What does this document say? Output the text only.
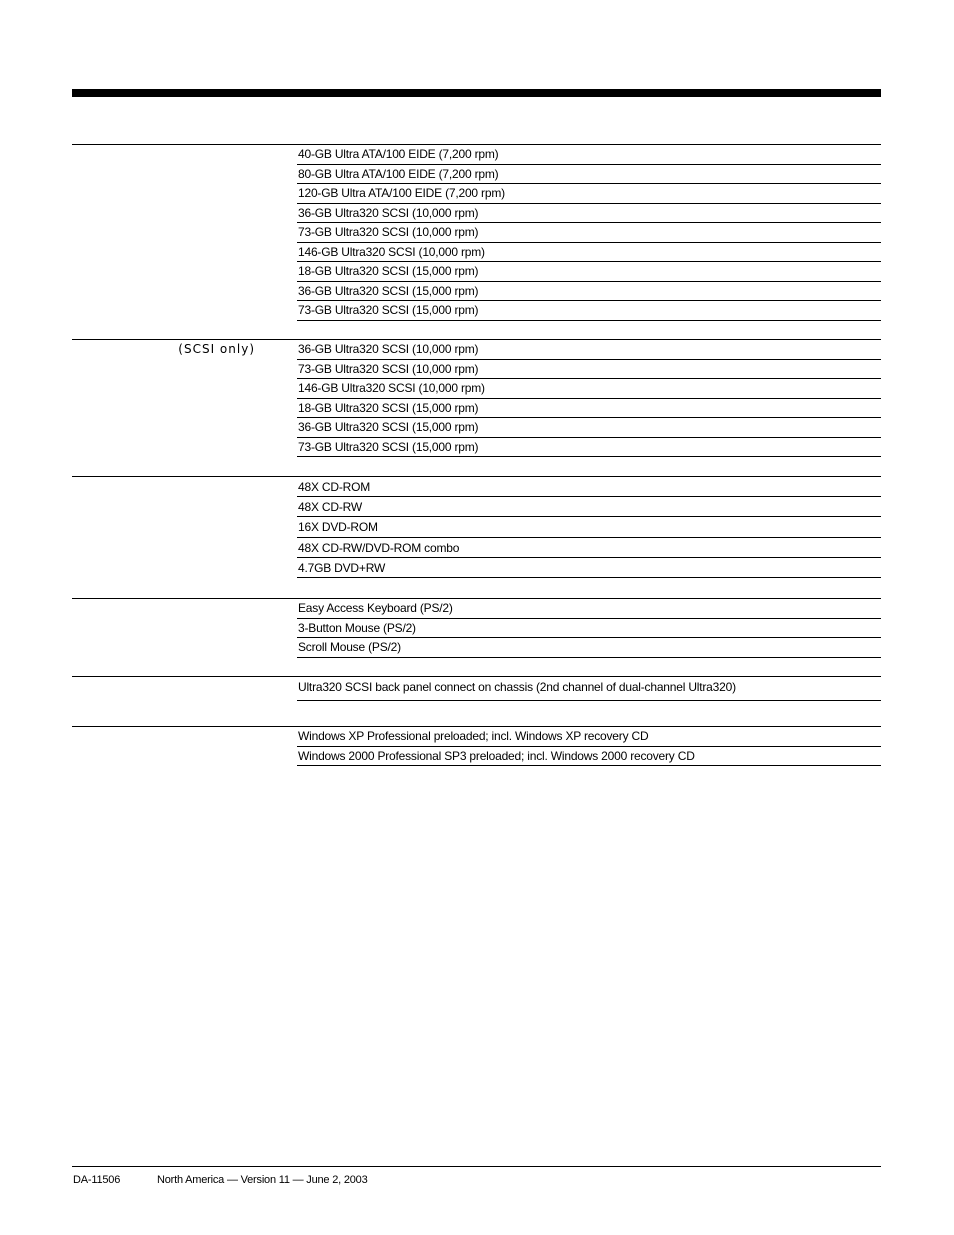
40-GB Ultra ATA/100 EIDE (7,200 rpm)
80-GB Ultra ATA/100 EIDE (7,200 rpm)
120-GB Ultra ATA/100 EIDE (7,200 rpm)
36-GB Ultra320 SCSI (10,000 rpm)
73-GB Ultra320 SCSI (10,000 rpm)
146-GB Ultra320 SCSI (10,000 rpm)
18-GB Ultra320 SCSI (15,000 rpm)
36-GB Ultra320 SCSI (15,000 rpm)
73-GB Ultra320 SCSI (15,000 rpm)
(SCSI only)	36-GB Ultra320 SCSI (10,000 rpm)
73-GB Ultra320 SCSI (10,000 rpm)
146-GB Ultra320 SCSI (10,000 rpm)
18-GB Ultra320 SCSI (15,000 rpm)
36-GB Ultra320 SCSI (15,000 rpm)
73-GB Ultra320 SCSI (15,000 rpm)
48X CD-ROM
48X CD-RW
16X DVD-ROM
48X CD-RW/DVD-ROM combo
4.7GB DVD+RW
Easy Access Keyboard (PS/2)
3-Button Mouse (PS/2)
Scroll Mouse (PS/2)
Ultra320 SCSI back panel connect on chassis (2nd channel of dual-channel Ultra320)
Windows XP Professional preloaded; incl. Windows XP recovery CD
Windows 2000 Professional SP3 preloaded; incl. Windows 2000 recovery CD
DA-11506	North America — Version 11 — June 2, 2003
